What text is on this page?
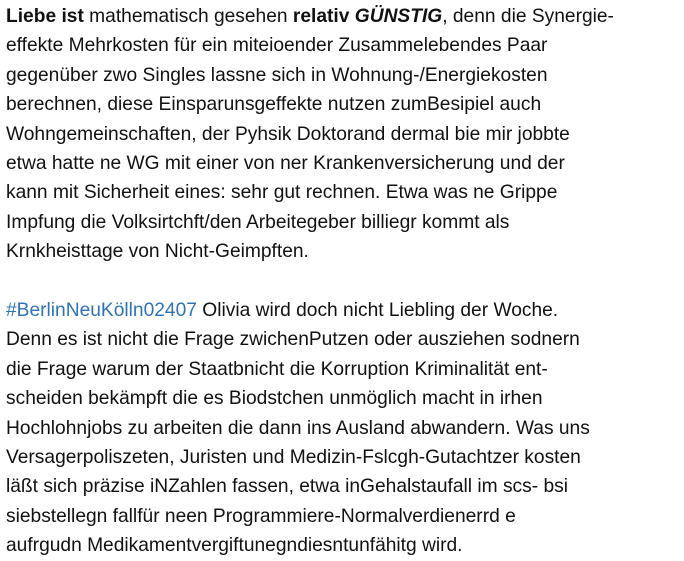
Liebe ist mathematisch gesehen relativ GÜNSTIG, denn die Synergie-
effekte Mehrkosten für ein miteioender Zusammelebendes Paar
gegenüber zwo Singles lassne sich in Wohnung-/Energiekosten
berechnen, diese Einsparunsgeffekte nutzen zumBesipiel auch
Wohngemeinschaften, der Pyhsik Doktorand dermal bie mir jobbte
etwa hatte ne WG mit einer von ner Krankenversicherung und der
kann mit Sicherheit eines: sehr gut rechnen. Etwa was ne Grippe
Impfung die Volksirtchft/den Arbeitegeber billiegr kommt als
Krnkheisttage von Nicht-Geimpften.

#BerlinNeuKölln02407 Olivia wird doch nicht Liebling der Woche.
Denn es ist nicht die Frage zwichenPutzen oder ausziehen sodnern
die Frage warum der Staatbnicht die Korruption Kriminalität ent-
scheiden bekämpft die es Biodstchen unmöglich macht in irhen
Hochlohnjobs zu arbeiten die dann ins Ausland abwandern. Was uns
Versagerpoliszeten, Juristen und Medizin-Fslcgh-Gutachtzer kosten
läßt sich präzise iNZahlen fassen, etwa inGehalstaufall im scs- bsi
siebstellegn fallfür neen Programmiere-Normalverdienerrd e
aufrgudn Medikamentvergiftunegndiesntunfähitg wird.
